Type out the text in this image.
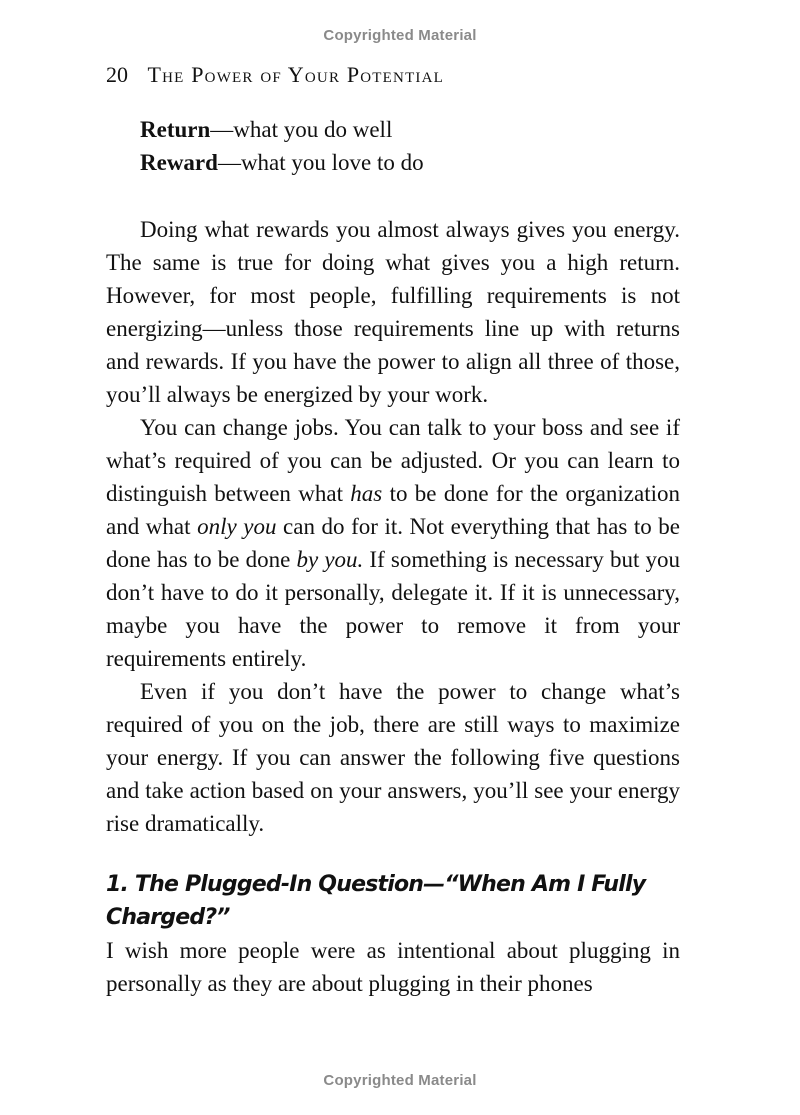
Copyrighted Material
20 The Power of Your Potential
Return—what you do well
Reward—what you love to do

Doing what rewards you almost always gives you energy. The same is true for doing what gives you a high return. However, for most people, fulfilling requirements is not energizing—unless those requirements line up with returns and rewards. If you have the power to align all three of those, you’ll always be energized by your work.

You can change jobs. You can talk to your boss and see if what’s required of you can be adjusted. Or you can learn to distinguish between what has to be done for the organization and what only you can do for it. Not everything that has to be done has to be done by you. If something is necessary but you don’t have to do it personally, delegate it. If it is unnecessary, maybe you have the power to remove it from your requirements entirely.

Even if you don’t have the power to change what’s required of you on the job, there are still ways to maximize your energy. If you can answer the following five questions and take action based on your answers, you’ll see your energy rise dramatically.

1. The Plugged-In Question—“When Am I Fully Charged?”

I wish more people were as intentional about plugging in personally as they are about plugging in their phones

Copyrighted Material
